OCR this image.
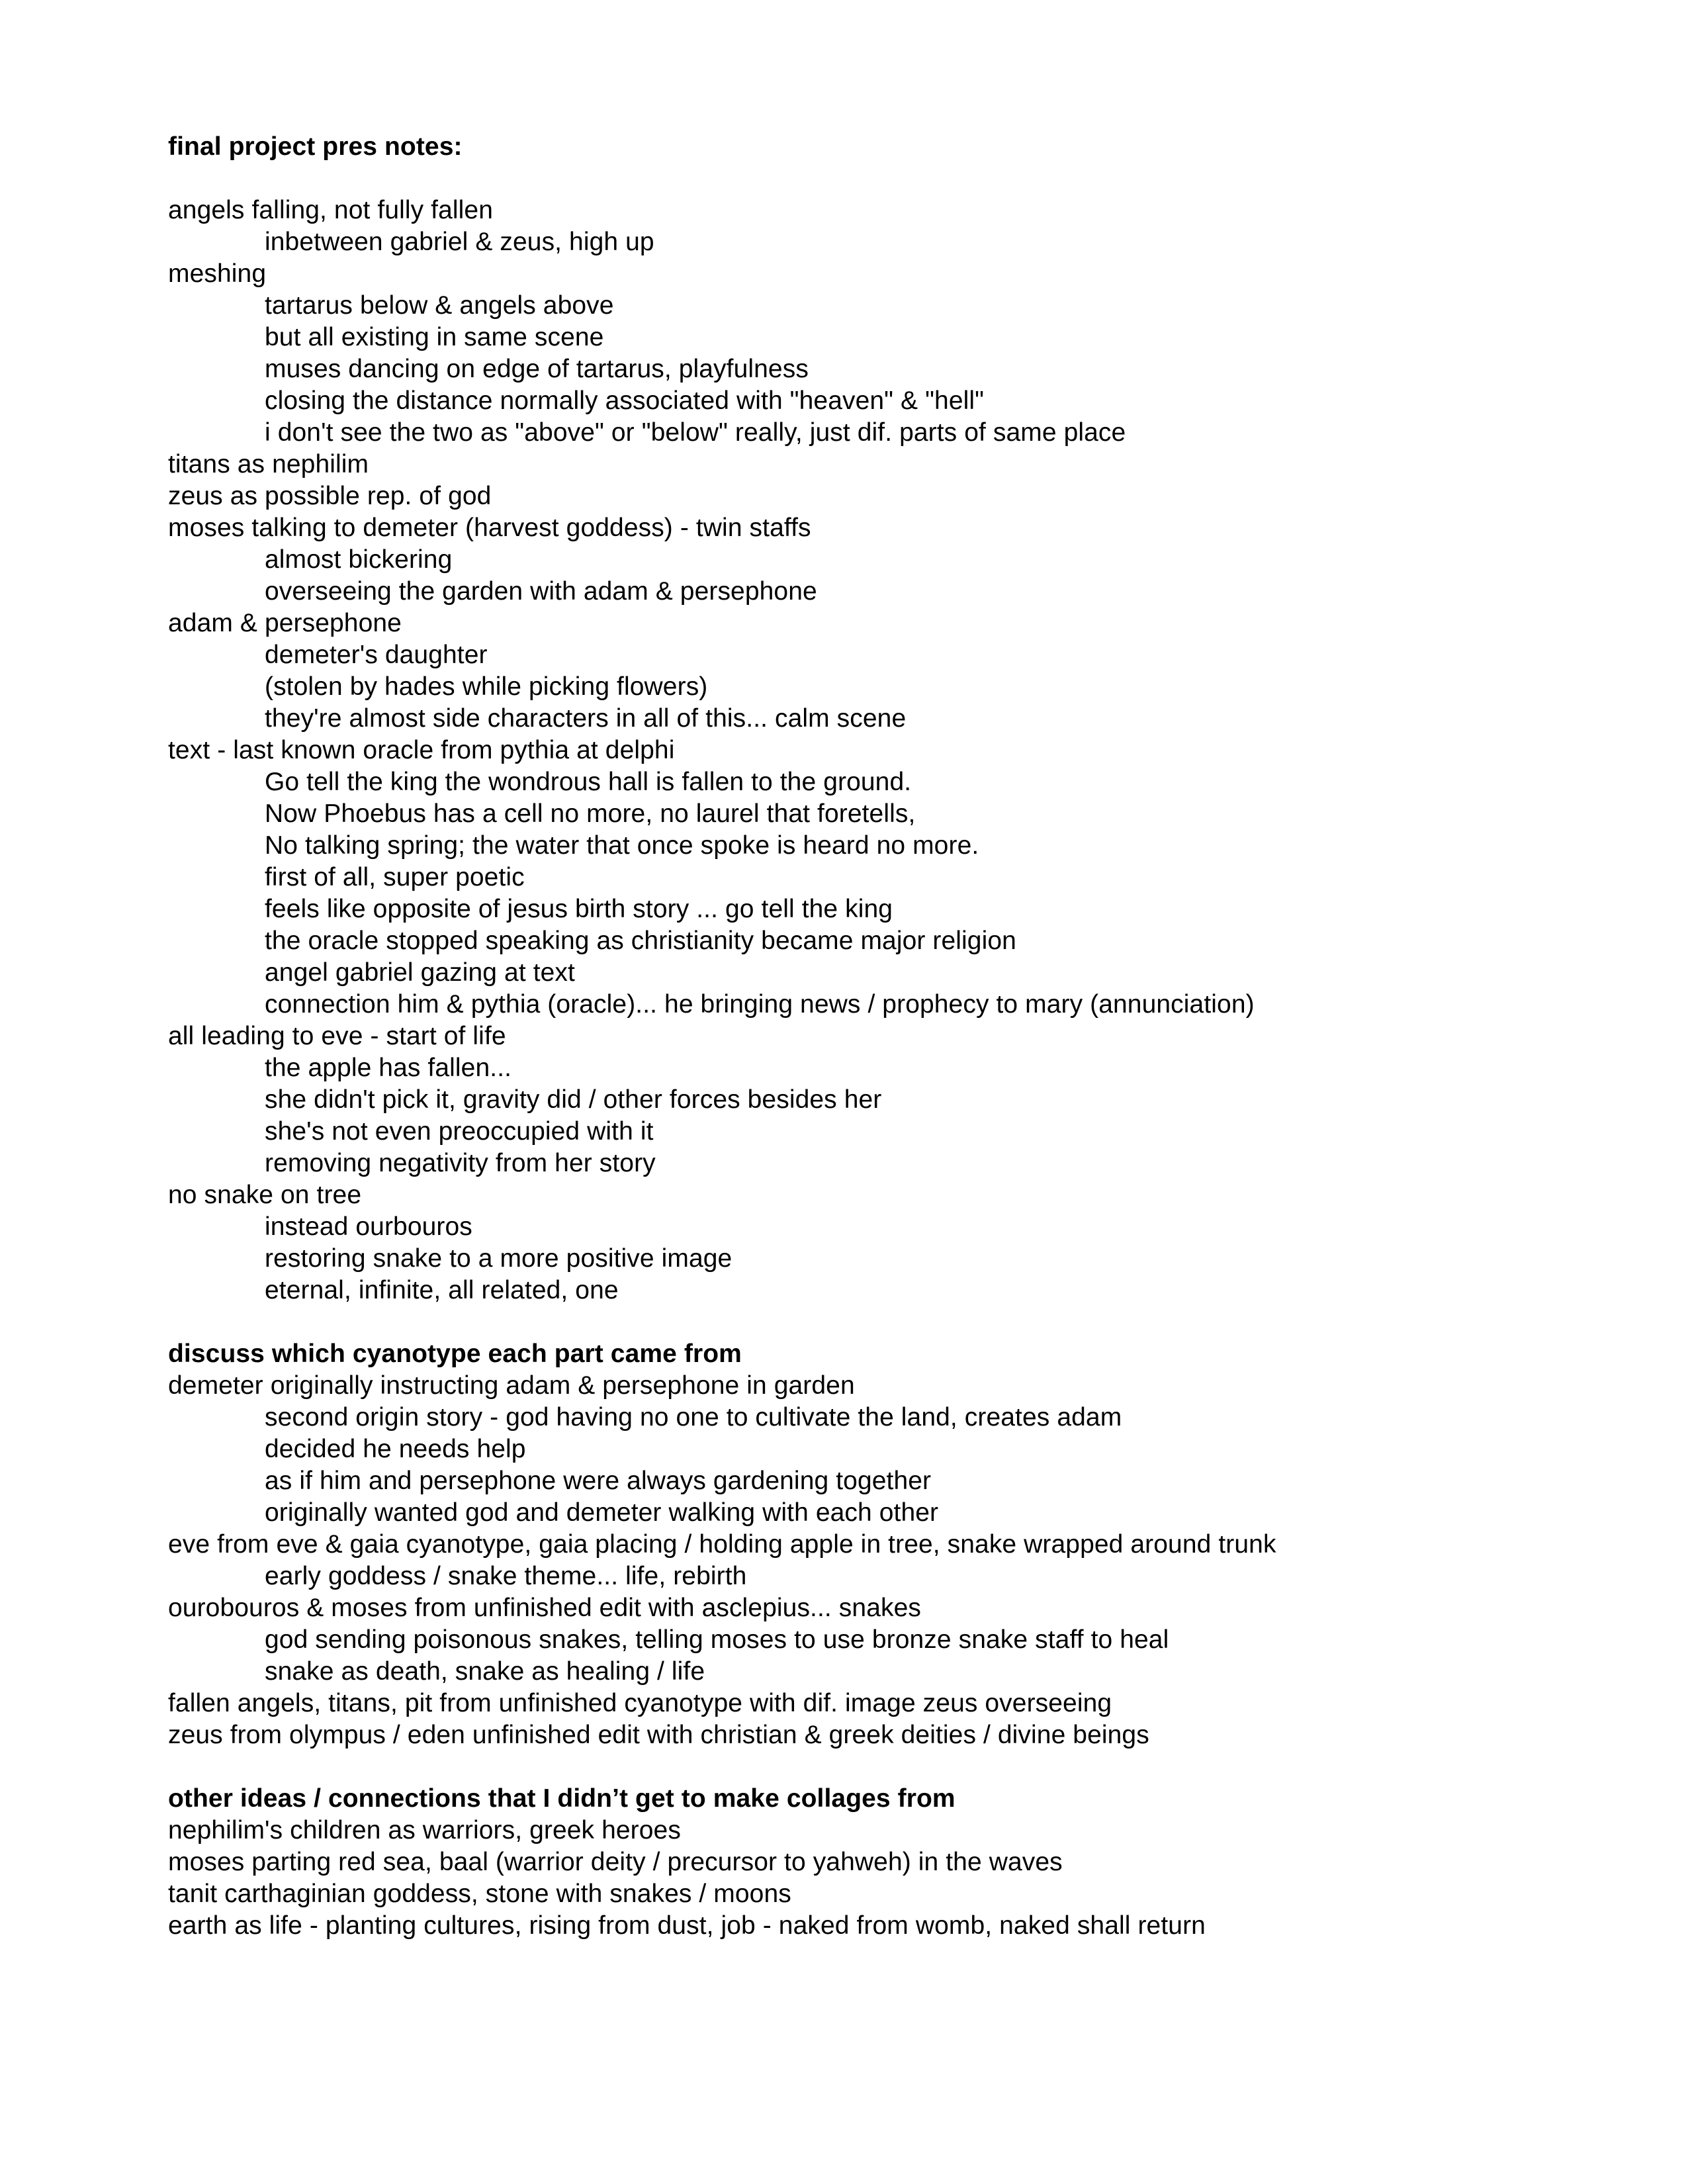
final project pres notes:
angels falling, not fully fallen
inbetween gabriel & zeus, high up
meshing
tartarus below & angels above
but all existing in same scene
muses dancing on edge of tartarus, playfulness
closing the distance normally associated with "heaven" & "hell"
i don't see the two as "above" or "below" really, just dif. parts of same place
titans as nephilim
zeus as possible rep. of god
moses talking to demeter (harvest goddess) - twin staffs
almost bickering
overseeing the garden with adam & persephone
adam & persephone
demeter's daughter
(stolen by hades while picking flowers)
they're almost side characters in all of this... calm scene
text - last known oracle from pythia at delphi
Go tell the king the wondrous hall is fallen to the ground.
Now Phoebus has a cell no more, no laurel that foretells,
No talking spring; the water that once spoke is heard no more.
first of all, super poetic
feels like opposite of jesus birth story ... go tell the king
the oracle stopped speaking as christianity became major religion
angel gabriel gazing at text
connection him & pythia (oracle)... he bringing news / prophecy to mary (annunciation)
all leading to eve - start of life
the apple has fallen...
she didn't pick it, gravity did / other forces besides her
she's not even preoccupied with it
removing negativity from her story
no snake on tree
instead ourbouros
restoring snake to a more positive image
eternal, infinite, all related, one
discuss which cyanotype each part came from
demeter originally instructing adam & persephone in garden
second origin story - god having no one to cultivate the land, creates adam
decided he needs help
as if him and persephone were always gardening together
originally wanted god and demeter walking with each other
eve from eve & gaia cyanotype, gaia placing / holding apple in tree, snake wrapped around trunk
early goddess / snake theme... life, rebirth
ourobouros & moses from unfinished edit with asclepius... snakes
god sending poisonous snakes, telling moses to use bronze snake staff to heal
snake as death, snake as healing / life
fallen angels, titans, pit from unfinished cyanotype with dif. image zeus overseeing
zeus from olympus / eden unfinished edit with christian & greek deities / divine beings
other ideas / connections that I didn’t get to make collages from
nephilim's children as warriors, greek heroes
moses parting red sea, baal (warrior deity / precursor to yahweh) in the waves
tanit carthaginian goddess, stone with snakes / moons
earth as life - planting cultures, rising from dust, job - naked from womb, naked shall return
